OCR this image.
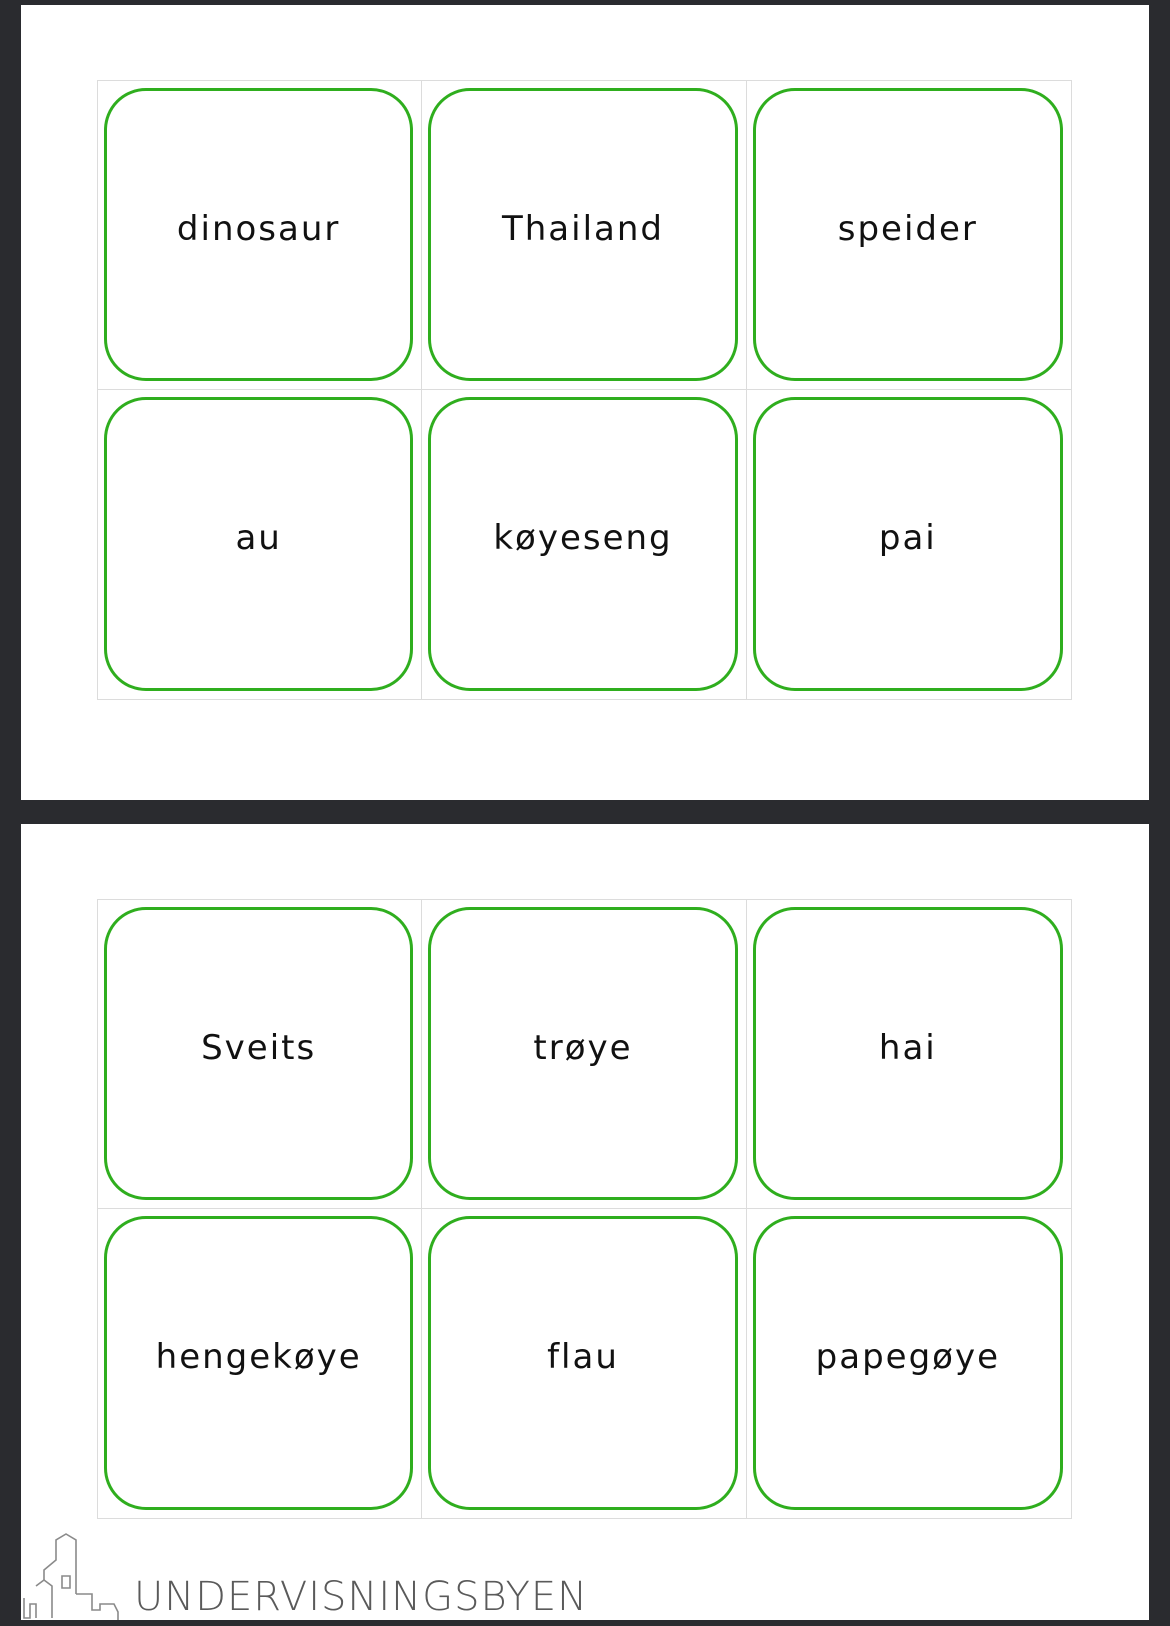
dinosaur	Thailand	speider
au	køyeseng	pai
Sveits	trøye	hai
hengekøye	flau	papegøye
UNDERVISNINGSBYEN
